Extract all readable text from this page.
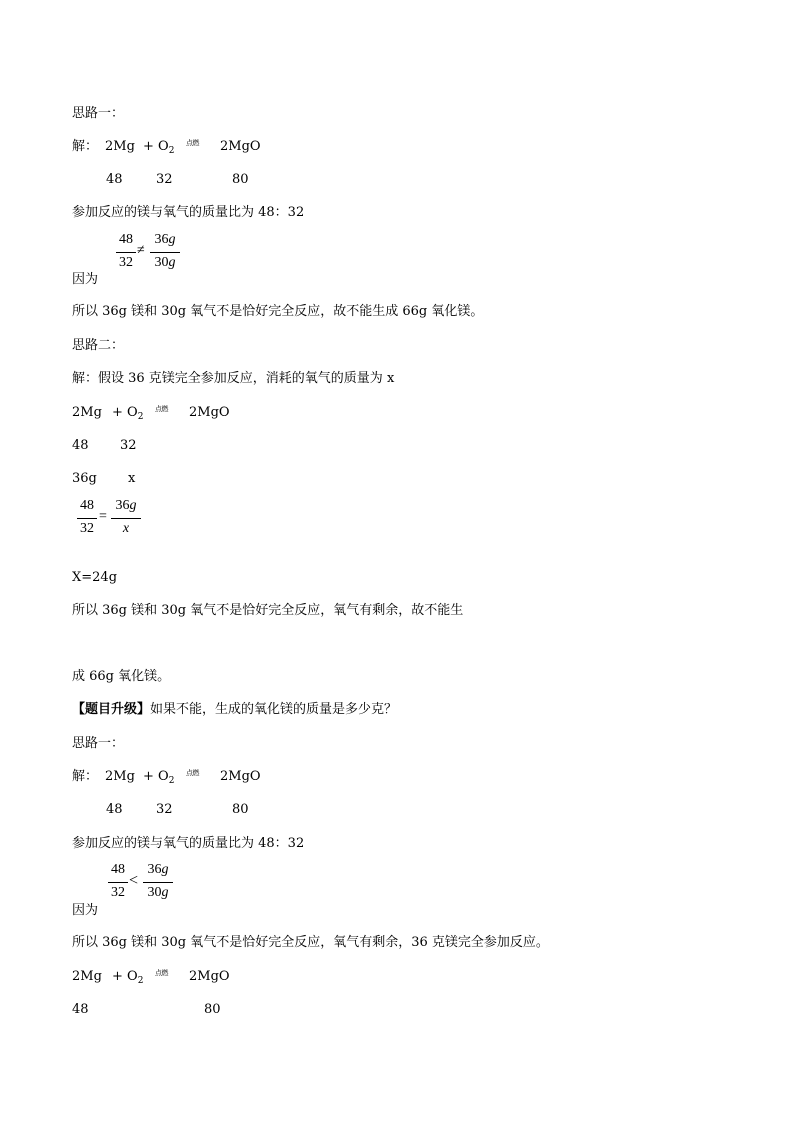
思路一：
解： $2Mg + O_2$
点燃 2MgO
48	32	80
参加反应的镁与氧气的质量比为 48：32
48
32
≠
36g
30g
因为
所以 36g 镁和 30g 氧气不是恰好完全反应，故不能生成 66g 氧化镁。
思路二：
解：假设 36 克镁完全参加反应，消耗的氧气的质量为 x
$2Mg + O_2$
点燃 2MgO
48 32
36g x
48
32
=
36g
x
X=24g
所以 36g 镁和 30g 氧气不是恰好完全反应，氧气有剩余，故不能生
成 66g 氧化镁。
【题目升级】如果不能，生成的氧化镁的质量是多少克？
思路一：
解： $2Mg + O_2$
点燃 2MgO
48	32	80
参加反应的镁与氧气的质量比为 48：32
48
32
<
36g
30g
因为
所以 36g 镁和 30g 氧气不是恰好完全反应，氧气有剩余，36 克镁完全参加反应。
$2Mg + O_2$
点燃 2MgO
48	80
